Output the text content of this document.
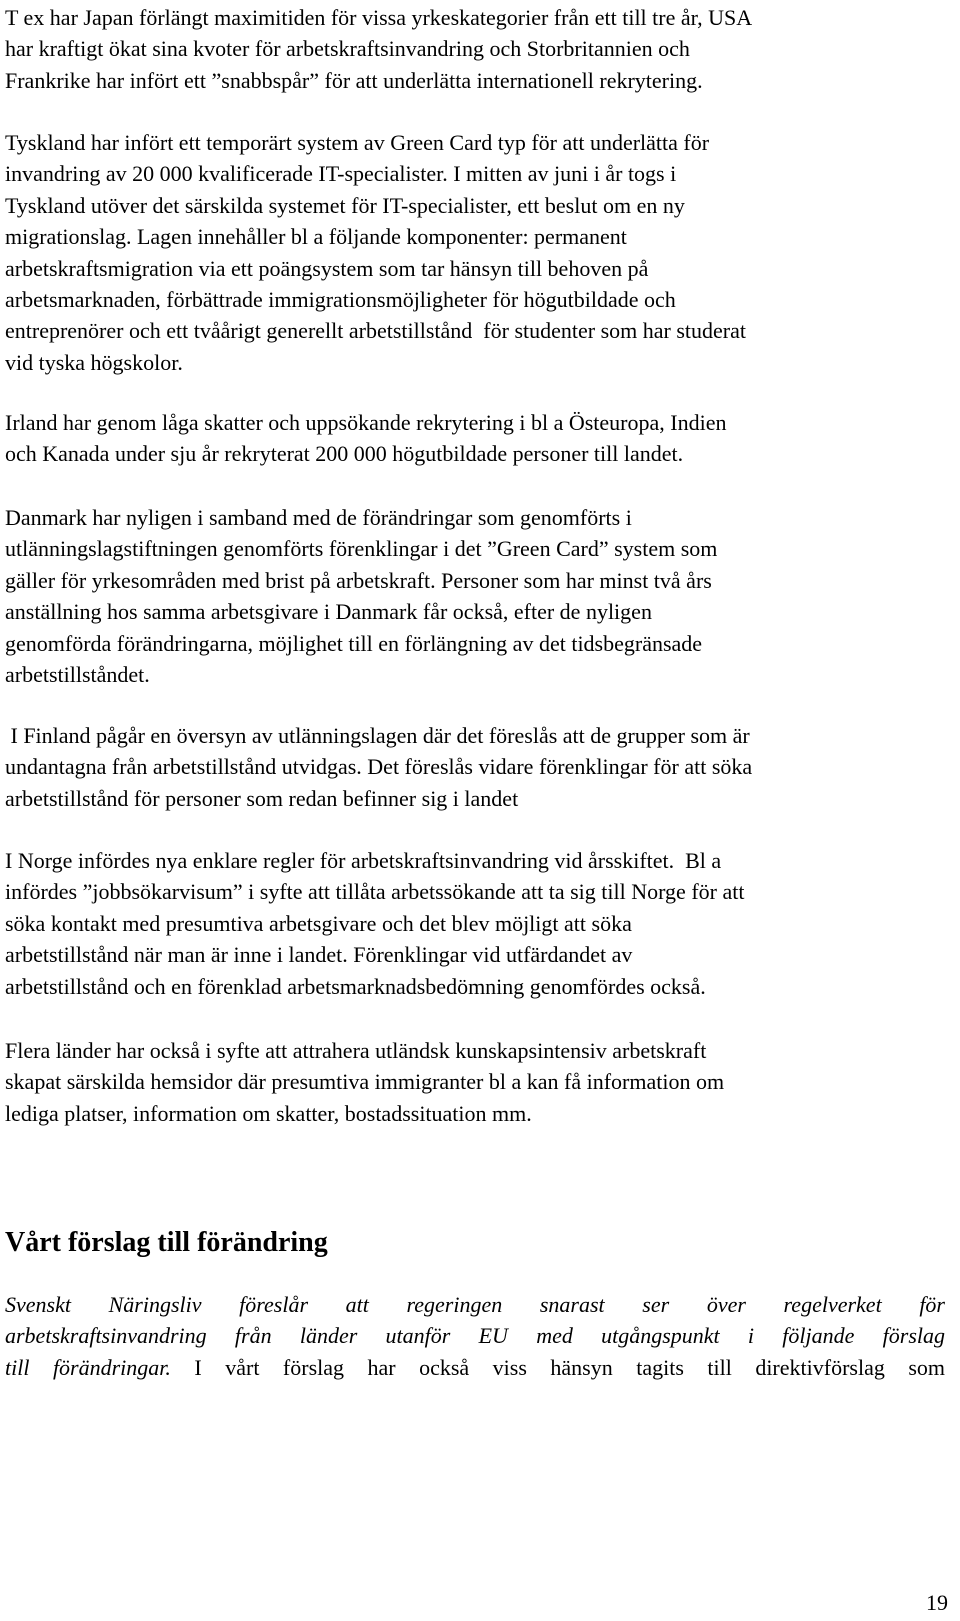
T ex har Japan förlängt maximitiden för vissa yrkeskategorier från ett till tre år, USA
har kraftigt ökat sina kvoter för arbetskraftsinvandring och Storbritannien och
Frankrike har infört ett ”snabbspår” för att underlätta internationell rekrytering.

Tyskland har infört ett temporärt system av Green Card typ för att underlätta för
invandring av 20 000 kvalificerade IT-specialister. I mitten av juni i år togs i
Tyskland utöver det särskilda systemet för IT-specialister, ett beslut om en ny
migrationslag. Lagen innehåller bl a följande komponenter: permanent
arbetskraftsmigration via ett poängsystem som tar hänsyn till behoven på
arbetsmarknaden, förbättrade immigrationsmöjligheter för högutbildade och
entreprenörer och ett tvåårigt generellt arbetstillstånd  för studenter som har studerat
vid tyska högskolor.

Irland har genom låga skatter och uppsökande rekrytering i bl a Östeuropa, Indien
och Kanada under sju år rekryterat 200 000 högutbildade personer till landet.

Danmark har nyligen i samband med de förändringar som genomförts i
utlänningslagstiftningen genomförts förenklingar i det ”Green Card” system som
gäller för yrkesområden med brist på arbetskraft. Personer som har minst två års
anställning hos samma arbetsgivare i Danmark får också, efter de nyligen
genomförda förändringarna, möjlighet till en förlängning av det tidsbegränsade
arbetstillståndet.

I Finland pågår en översyn av utlänningslagen där det föreslås att de grupper som är
undantagna från arbetstillstånd utvidgas. Det föreslås vidare förenklingar för att söka
arbetstillstånd för personer som redan befinner sig i landet

I Norge infördes nya enklare regler för arbetskraftsinvandring vid årsskiftet.  Bl a
infördes ”jobbsökarvisum” i syfte att tillåta arbetssökande att ta sig till Norge för att
söka kontakt med presumtiva arbetsgivare och det blev möjligt att söka
arbetstillstånd när man är inne i landet. Förenklingar vid utfärdandet av
arbetstillstånd och en förenklad arbetsmarknadsbedömning genomfördes också.

Flera länder har också i syfte att attrahera utländsk kunskapsintensiv arbetskraft
skapat särskilda hemsidor där presumtiva immigranter bl a kan få information om
lediga platser, information om skatter, bostadssituation mm.

Vårt förslag till förändring

Svenskt Näringsliv föreslår att regeringen snarast ser över regelverket för
arbetskraftsinvandring från länder utanför EU med utgångspunkt i följande förslag
till förändringar. I vårt förslag har också viss hänsyn tagits till direktivförslag som

19
